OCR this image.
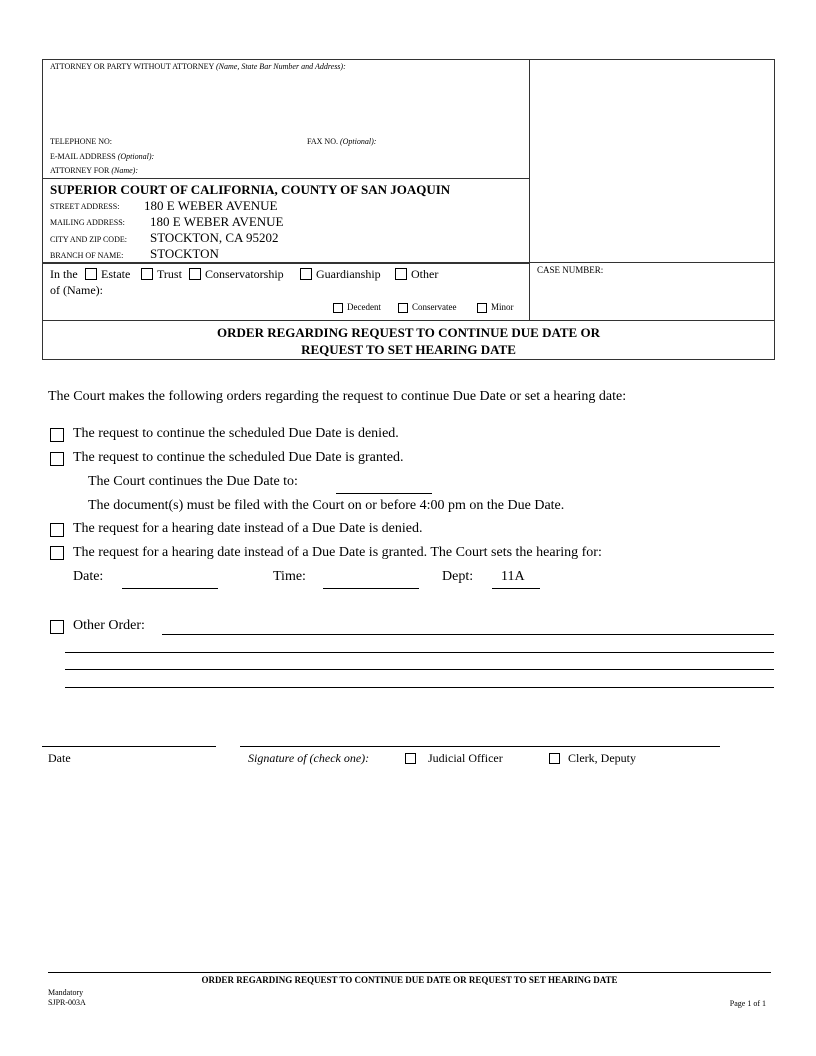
ATTORNEY OR PARTY WITHOUT ATTORNEY (Name, State Bar Number and Address):
TELEPHONE NO:	FAX NO. (Optional):
E-MAIL ADDRESS (Optional):
ATTORNEY FOR (Name):
SUPERIOR COURT OF CALIFORNIA, COUNTY OF SAN JOAQUIN
STREET ADDRESS: 180 E WEBER AVENUE
MAILING ADDRESS: 180 E WEBER AVENUE
CITY AND ZIP CODE: STOCKTON, CA 95202
BRANCH OF NAME: STOCKTON
In the Estate Trust Conservatorship	Guardianship	Other
of (Name):
Decedent	Conservatee	Minor
CASE NUMBER:
ORDER REGARDING REQUEST TO CONTINUE DUE DATE OR
REQUEST TO SET HEARING DATE
The Court makes the following orders regarding the request to continue Due Date or set a hearing date:
The request to continue the scheduled Due Date is denied.
The request to continue the scheduled Due Date is granted.
The Court continues the Due Date to:
The document(s) must be filed with the Court on or before 4:00 pm on the Due Date.
The request for a hearing date instead of a Due Date is denied.
The request for a hearing date instead of a Due Date is granted. The Court sets the hearing for:
Date:	Time:	Dept: 11A
Other Order:
Date	Signature of (check one):	Judicial Officer	Clerk, Deputy
ORDER REGARDING REQUEST TO CONTINUE DUE DATE OR REQUEST TO SET HEARING DATE
Mandatory
SJPR-003A	Page 1 of 1
